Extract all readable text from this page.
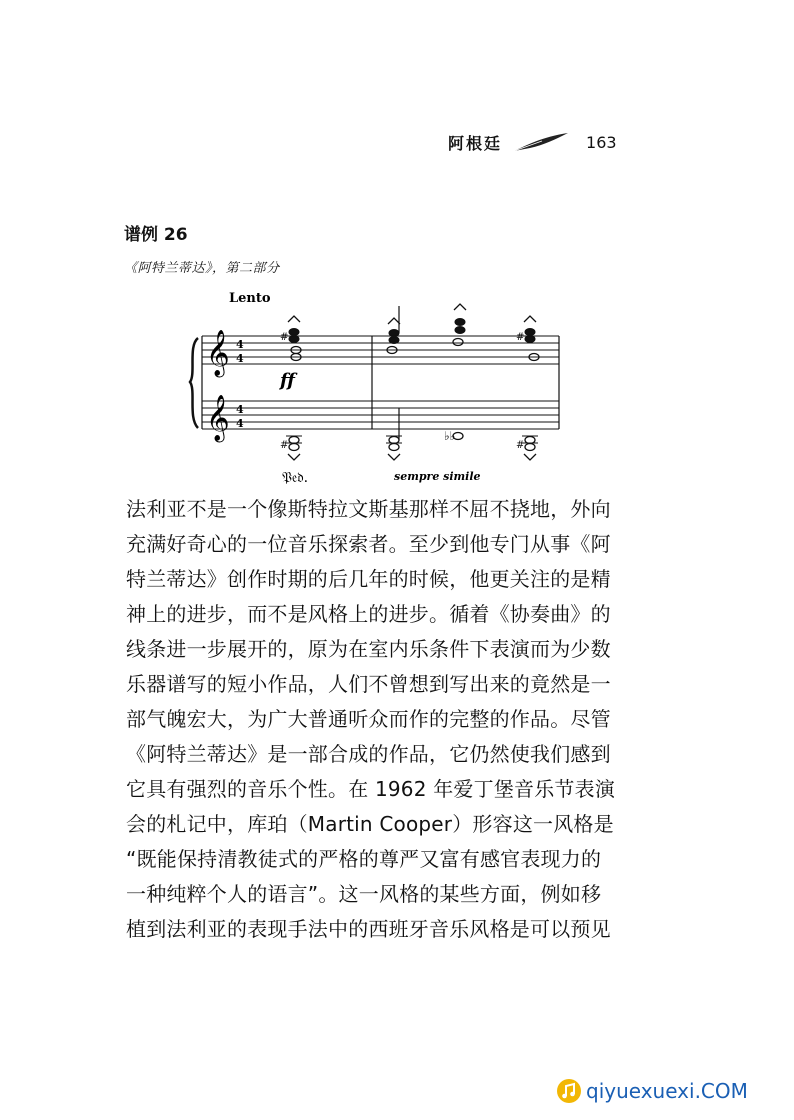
阿根廷	163
谱例 26
《阿特兰蒂达》，第二部分
Lento
𝄞
𝄞
4
4
4
4
#	#
#
♭♭
#
ff
𝔓𝔢𝔡.	sempre simile
法利亚不是一个像斯特拉文斯基那样不屈不挠地，外向
充满好奇心的一位音乐探索者。至少到他专门从事《阿
特兰蒂达》创作时期的后几年的时候，他更关注的是精
神上的进步，而不是风格上的进步。循着《协奏曲》的
线条进一步展开的，原为在室内乐条件下表演而为少数
乐器谱写的短小作品，人们不曾想到写出来的竟然是一
部气魄宏大，为广大普通听众而作的完整的作品。尽管
《阿特兰蒂达》是一部合成的作品，它仍然使我们感到
它具有强烈的音乐个性。在 1962 年爱丁堡音乐节表演
会的札记中，库珀（Martin Cooper）形容这一风格是
“既能保持清教徒式的严格的尊严又富有感官表现力的
一种纯粹个人的语言”。这一风格的某些方面，例如移
植到法利亚的表现手法中的西班牙音乐风格是可以预见
qiyuexuexi.COM
